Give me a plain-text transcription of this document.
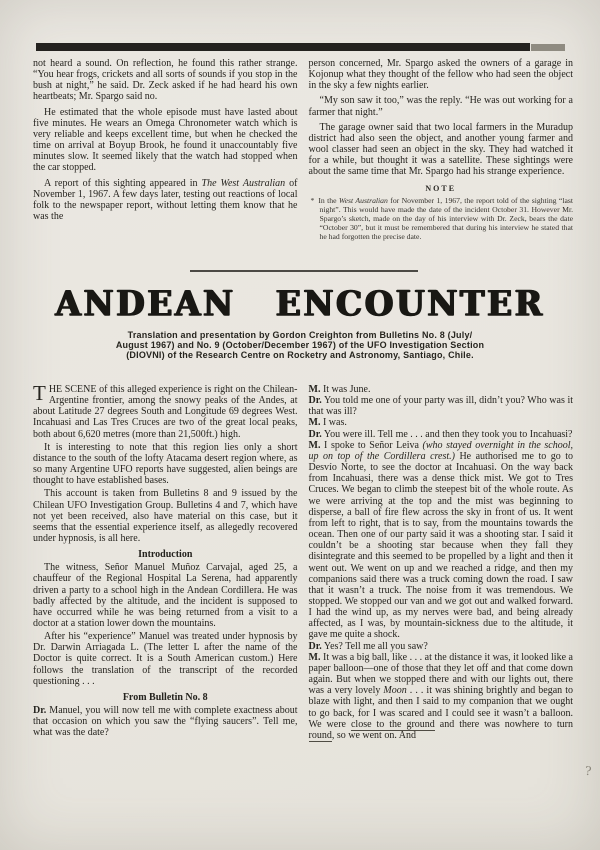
not heard a sound. On reflection, he found this rather strange. “You hear frogs, crickets and all sorts of sounds if you stop in the bush at night,” he said. Dr. Zeck asked if he had heard his own heartbeats; Mr. Spargo said no.

He estimated that the whole episode must have lasted about five minutes. He wears an Omega Chronometer watch which is very reliable and keeps excellent time, but when he checked the time on arrival at Boyup Brook, he found it unaccountably five minutes slow. It seemed likely that the watch had stopped when the car stopped.

A report of this sighting appeared in The West Australian of November 1, 1967. A few days later, testing out reactions of local folk to the newspaper report, without letting them know that he was the

person concerned, Mr. Spargo asked the owners of a garage in Kojonup what they thought of the fellow who had seen the object in the sky a few nights earlier.

“My son saw it too,” was the reply. “He was out working for a farmer that night.”

The garage owner said that two local farmers in the Muradup district had also seen the object, and another young farmer and wool classer had seen an object in the sky. They had watched it for a while, but thought it was a satellite. These sightings were about the same time that Mr. Spargo had his strange experience.

NOTE

* In the West Australian for November 1, 1967, the report told of the sighting “last night”. This would have made the date of the incident October 31. However Mr. Spargo’s sketch, made on the day of his interview with Dr. Zeck, bears the date “October 30”, but it must be remembered that during his interview he stated that he had forgotten the precise date.

ANDEAN ENCOUNTER
Translation and presentation by Gordon Creighton from Bulletins No. 8 (July/
August 1967) and No. 9 (October/December 1967) of the UFO Investigation Section
(DIOVNI) of the Research Centre on Rocketry and Astronomy, Santiago, Chile.

THE SCENE of this alleged experience is right on the Chilean-Argentine frontier, among the snowy peaks of the Andes, at about Latitude 27 degrees South and Longitude 69 degrees West. Incahuasi and Las Tres Cruces are two of the great local peaks, both about 6,620 metres (more than 21,500ft.) high.

It is interesting to note that this region lies only a short distance to the south of the lofty Atacama desert region where, as so many Argentine UFO reports have suggested, alien beings are thought to have established bases.

This account is taken from Bulletins 8 and 9 issued by the Chilean UFO Investigation Group. Bulletins 4 and 7, which have not yet been received, also have material on this case, but it seems that the essential experience itself, as allegedly recovered under hypnosis, is all here.

Introduction

The witness, Señor Manuel Muñoz Carvajal, aged 25, a chauffeur of the Regional Hospital La Serena, had apparently driven a party to a school high in the Andean Cordillera. He was badly affected by the altitude, and the incident is supposed to have occurred while he was being returned from a visit to a doctor at a station lower down the mountains.

After his “experience” Manuel was treated under hypnosis by Dr. Darwin Arriagada L. (The letter L after the name of the Doctor is quite correct. It is a South American custom.) Here follows the translation of the transcript of the recorded questioning . . .

From Bulletin No. 8

Dr. Manuel, you will now tell me with complete exactness about that occasion on which you saw the “flying saucers”. Tell me, what was the date?

M. It was June.

Dr. You told me one of your party was ill, didn’t you? Who was it that was ill?

M. I was.

Dr. You were ill. Tell me . . . and then they took you to Incahuasi?

M. I spoke to Señor Leiva (who stayed overnight in the school, up on top of the Cordillera crest.) He authorised me to go to Desvío Norte, to see the doctor at Incahuasi. On the way back from Incahuasi, there was a dense thick mist. We got to Tres Cruces. We began to climb the steepest bit of the whole route. As we were arriving at the top and the mist was beginning to disperse, a ball of fire flew across the sky in front of us. It went from left to right, that is to say, from the mountains towards the ocean. Then one of our party said it was a shooting star. I said it couldn’t be a shooting star because when they fall they disintegrate and this seemed to be propelled by a light and then it went out. We went on up and we reached a ridge, and then my companions said there was a truck coming down the road. I saw that it wasn’t a truck. The noise from it was tremendous. We stopped. We stopped our van and we got out and walked forward. I had the wind up, as my nerves were bad, and being already affected, as I was, by mountain-sickness due to the altitude, it gave me quite a shock.

Dr. Yes? Tell me all you saw?

M. It was a big ball, like . . . at the distance it was, it looked like a paper balloon—one of those that they let off and that come down again. But when we stopped there and with our lights out, there was a very lovely Moon . . . it was shining brightly and began to blaze with light, and then I said to my companion that we ought to go back, for I was scared and I could see it wasn’t a balloon. We were close to the ground and there was nowhere to turn round, so we went on. And

?
